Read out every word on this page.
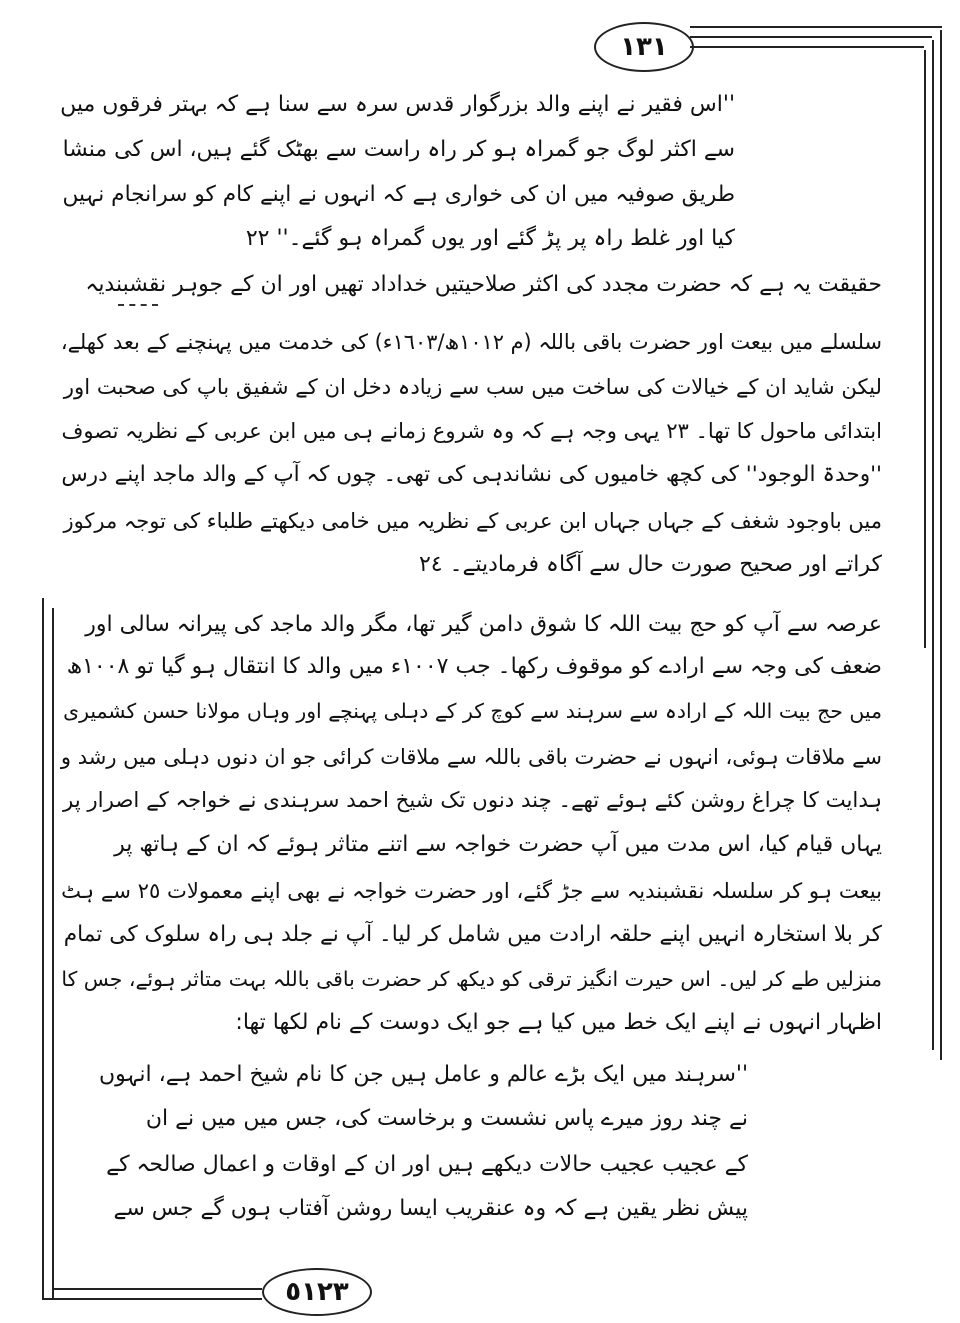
١٣١
٥١٢٣
''اس فقیر نے اپنے والد بزرگوار قدس سرہ سے سنا ہے کہ بہتر فرقوں میں
سے اکثر لوگ جو گمراہ ہو کر راہ راست سے بھٹک گئے ہیں، اس کی منشا
طریق صوفیہ میں ان کی خواری ہے کہ انہوں نے اپنے کام کو سرانجام نہیں
کیا اور غلط راہ پر پڑ گئے اور یوں گمراہ ہو گئے۔'' ٢٢
حقیقت یہ ہے کہ حضرت مجدد کی اکثر صلاحیتیں خداداد تھیں اور ان کے جوہر نقشبندیہ
سلسلے میں بیعت اور حضرت باقی باللہ (م ١٠١٢ھ/١٦٠٣ء) کی خدمت میں پہنچنے کے بعد کھلے،
لیکن شاید ان کے خیالات کی ساخت میں سب سے زیادہ دخل ان کے شفیق باپ کی صحبت اور
ابتدائی ماحول کا تھا۔ ٢٣ یہی وجہ ہے کہ وہ شروع زمانے ہی میں ابن عربی کے نظریہ تصوف
''وحدۃ الوجود'' کی کچھ خامیوں کی نشاندہی کی تھی۔ چوں کہ آپ کے والد ماجد اپنے درس
میں باوجود شغف کے جہاں جہاں ابن عربی کے نظریہ میں خامی دیکھتے طلباء کی توجہ مرکوز
کراتے اور صحیح صورت حال سے آگاہ فرمادیتے۔ ٢٤
عرصہ سے آپ کو حج بیت اللہ کا شوق دامن گیر تھا، مگر والد ماجد کی پیرانہ سالی اور
ضعف کی وجہ سے ارادے کو موقوف رکھا۔ جب ١٠٠٧ء میں والد کا انتقال ہو گیا تو ١٠٠٨ھ
میں حج بیت اللہ کے ارادہ سے سرہند سے کوچ کر کے دہلی پہنچے اور وہاں مولانا حسن کشمیری
سے ملاقات ہوئی، انہوں نے حضرت باقی باللہ سے ملاقات کرائی جو ان دنوں دہلی میں رشد و
ہدایت کا چراغ روشن کئے ہوئے تھے۔ چند دنوں تک شیخ احمد سرہندی نے خواجہ کے اصرار پر
یہاں قیام کیا، اس مدت میں آپ حضرت خواجہ سے اتنے متاثر ہوئے کہ ان کے ہاتھ پر
بیعت ہو کر سلسلہ نقشبندیہ سے جڑ گئے، اور حضرت خواجہ نے بھی اپنے معمولات ٢٥ سے ہٹ
کر بلا استخارہ انہیں اپنے حلقہ ارادت میں شامل کر لیا۔ آپ نے جلد ہی راہ سلوک کی تمام
منزلیں طے کر لیں۔ اس حیرت انگیز ترقی کو دیکھ کر حضرت باقی باللہ بہت متاثر ہوئے، جس کا
اظہار انہوں نے اپنے ایک خط میں کیا ہے جو ایک دوست کے نام لکھا تھا:
''سرہند میں ایک بڑے عالم و عامل ہیں جن کا نام شیخ احمد ہے، انہوں
نے چند روز میرے پاس نشست و برخاست کی، جس میں میں نے ان
کے عجیب عجیب حالات دیکھے ہیں اور ان کے اوقات و اعمال صالحہ کے
پیش نظر یقین ہے کہ وہ عنقریب ایسا روشن آفتاب ہوں گے جس سے
